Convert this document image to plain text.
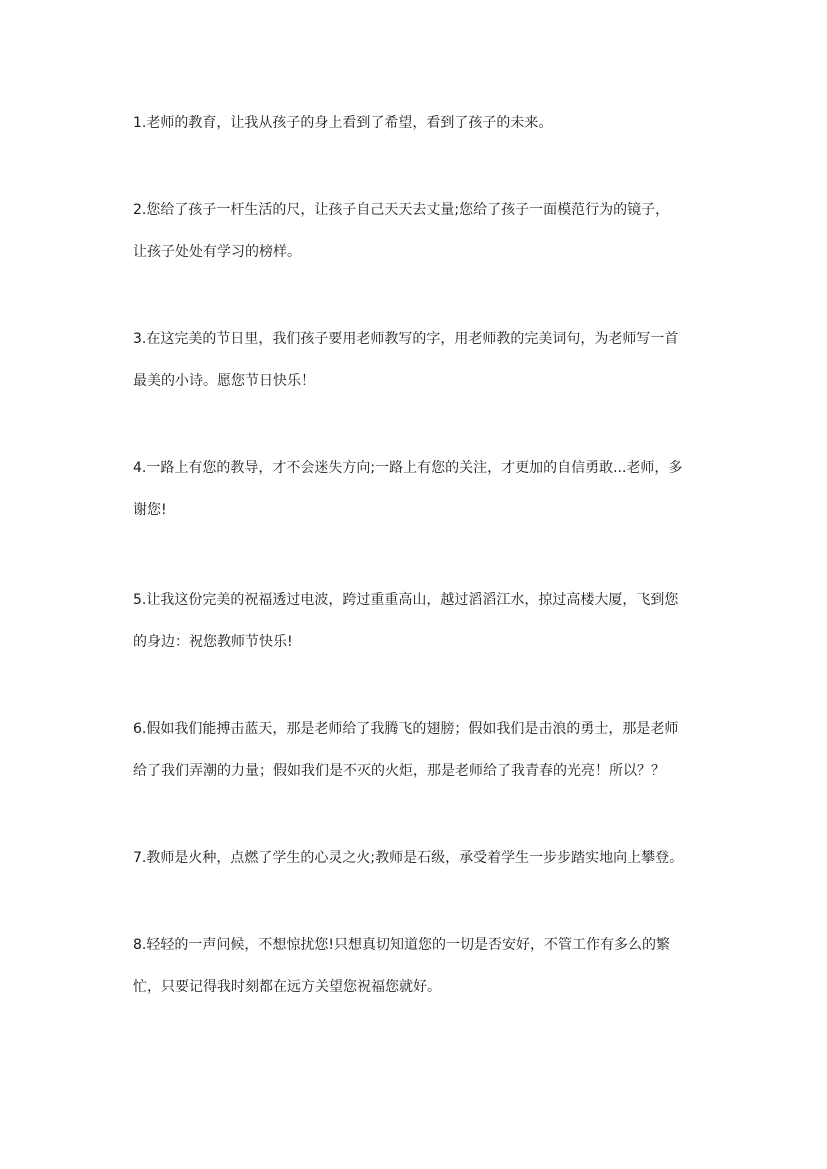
1.老师的教育，让我从孩子的身上看到了希望，看到了孩子的未来。

2.您给了孩子一杆生活的尺，让孩子自己天天去丈量;您给了孩子一面模范行为的镜子，
让孩子处处有学习的榜样。

3.在这完美的节日里，我们孩子要用老师教写的字，用老师教的完美词句，为老师写一首
最美的小诗。愿您节日快乐！

4.一路上有您的教导，才不会迷失方向;一路上有您的关注，才更加的自信勇敢...老师，多
谢您!

5.让我这份完美的祝福透过电波，跨过重重高山，越过滔滔江水，掠过高楼大厦，飞到您
的身边：祝您教师节快乐!

6.假如我们能搏击蓝天，那是老师给了我腾飞的翅膀；假如我们是击浪的勇士，那是老师
给了我们弄潮的力量；假如我们是不灭的火炬，那是老师给了我青春的光亮！所以？？

7.教师是火种，点燃了学生的心灵之火;教师是石级，承受着学生一步步踏实地向上攀登。

8.轻轻的一声问候，不想惊扰您!只想真切知道您的一切是否安好，不管工作有多么的繁
忙，只要记得我时刻都在远方关望您祝福您就好。
